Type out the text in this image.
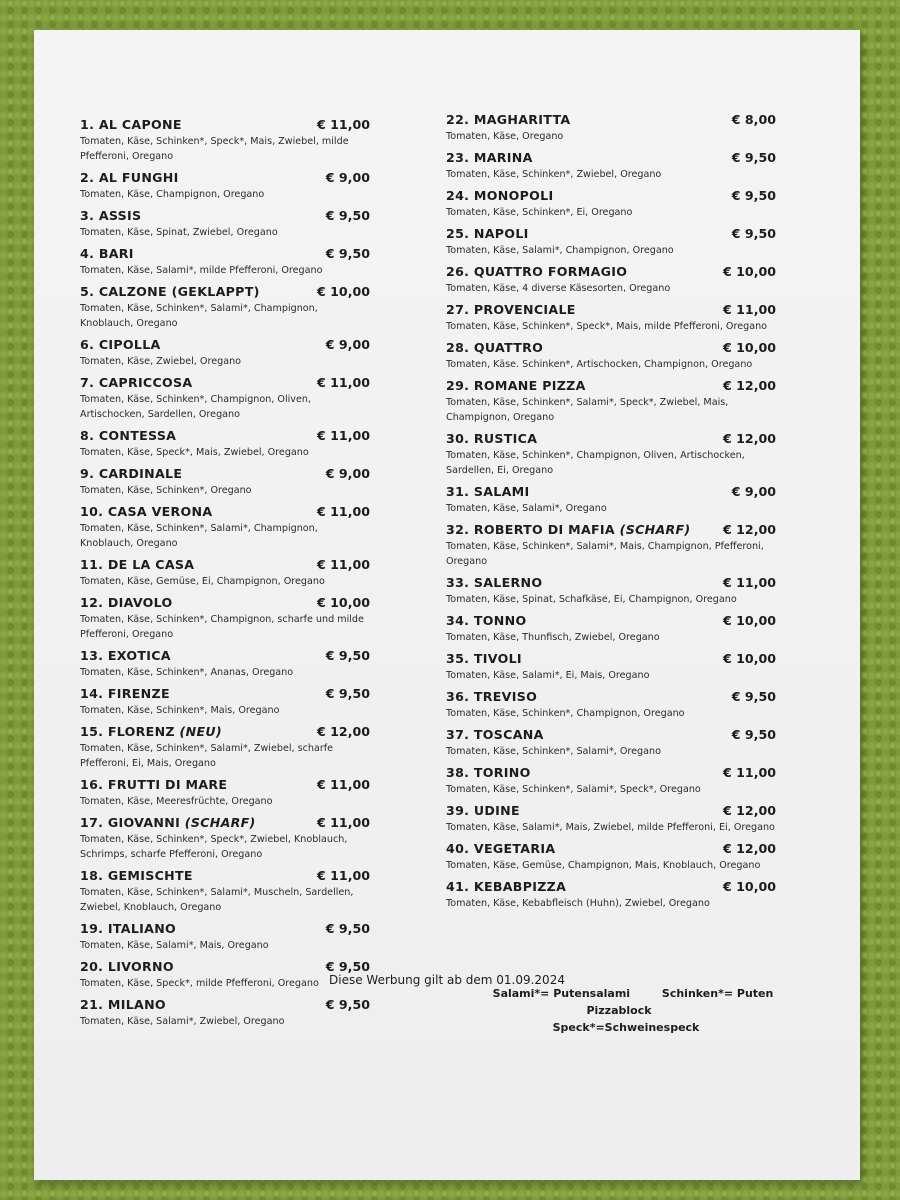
1. AL CAPONE	€ 11,00
Tomaten, Käse, Schinken*, Speck*, Mais, Zwiebel, milde Pfefferoni, Oregano
2. AL FUNGHI	€ 9,00
Tomaten, Käse, Champignon, Oregano
3. ASSIS	€ 9,50
Tomaten, Käse, Spinat, Zwiebel, Oregano
4. BARI	€ 9,50
Tomaten, Käse, Salami*, milde Pfefferoni, Oregano
5. CALZONE (GEKLAPPT)	€ 10,00
Tomaten, Käse, Schinken*, Salami*, Champignon, Knoblauch, Oregano
6. CIPOLLA	€ 9,00
Tomaten, Käse, Zwiebel, Oregano
7. CAPRICCOSA	€ 11,00
Tomaten, Käse, Schinken*, Champignon, Oliven, Artischocken, Sardellen, Oregano
8. CONTESSA	€ 11,00
Tomaten, Käse, Speck*, Mais, Zwiebel, Oregano
9. CARDINALE	€ 9,00
Tomaten, Käse, Schinken*, Oregano
10. CASA VERONA	€ 11,00
Tomaten, Käse, Schinken*, Salami*, Champignon, Knoblauch, Oregano
11. DE LA CASA	€ 11,00
Tomaten, Käse, Gemüse, Ei, Champignon, Oregano
12. DIAVOLO	€ 10,00
Tomaten, Käse, Schinken*, Champignon, scharfe und milde Pfefferoni, Oregano
13. EXOTICA	€ 9,50
Tomaten, Käse, Schinken*, Ananas, Oregano
14. FIRENZE	€ 9,50
Tomaten, Käse, Schinken*, Mais, Oregano
15. FLORENZ (NEU)	€ 12,00
Tomaten, Käse, Schinken*, Salami*, Zwiebel, scharfe Pfefferoni, Ei, Mais, Oregano
16. FRUTTI DI MARE	€ 11,00
Tomaten, Käse, Meeresfrüchte, Oregano
17. GIOVANNI (SCHARF)	€ 11,00
Tomaten, Käse, Schinken*, Speck*, Zwiebel, Knoblauch, Schrimps, scharfe Pfefferoni, Oregano
18. GEMISCHTE	€ 11,00
Tomaten, Käse, Schinken*, Salami*, Muscheln, Sardellen, Zwiebel, Knoblauch, Oregano
19. ITALIANO	€ 9,50
Tomaten, Käse, Salami*, Mais, Oregano
20. LIVORNO	€ 9,50
Tomaten, Käse, Speck*, milde Pfefferoni, Oregano
21. MILANO	€ 9,50
Tomaten, Käse, Salami*, Zwiebel, Oregano
22. MAGHARITTA	€ 8,00
Tomaten, Käse, Oregano
23. MARINA	€ 9,50
Tomaten, Käse, Schinken*, Zwiebel, Oregano
24. MONOPOLI	€ 9,50
Tomaten, Käse, Schinken*, Ei, Oregano
25. NAPOLI	€ 9,50
Tomaten, Käse, Salami*, Champignon, Oregano
26. QUATTRO FORMAGIO	€ 10,00
Tomaten, Käse, 4 diverse Käsesorten, Oregano
27. PROVENCIALE	€ 11,00
Tomaten, Käse, Schinken*, Speck*, Mais, milde Pfefferoni, Oregano
28. QUATTRO	€ 10,00
Tomaten, Käse. Schinken*, Artischocken, Champignon, Oregano
29. ROMANE PIZZA	€ 12,00
Tomaten, Käse, Schinken*, Salami*, Speck*, Zwiebel, Mais, Champignon, Oregano
30. RUSTICA	€ 12,00
Tomaten, Käse, Schinken*, Champignon, Oliven, Artischocken, Sardellen, Ei, Oregano
31. SALAMI	€ 9,00
Tomaten, Käse, Salami*, Oregano
32. ROBERTO DI MAFIA (SCHARF)	€ 12,00
Tomaten, Käse, Schinken*, Salami*, Mais, Champignon, Pfefferoni, Oregano
33. SALERNO	€ 11,00
Tomaten, Käse, Spinat, Schafkäse, Ei, Champignon, Oregano
34. TONNO	€ 10,00
Tomaten, Käse, Thunfisch, Zwiebel, Oregano
35. TIVOLI	€ 10,00
Tomaten, Käse, Salami*, Ei, Mais, Oregano
36. TREVISO	€ 9,50
Tomaten, Käse, Schinken*, Champignon, Oregano
37. TOSCANA	€ 9,50
Tomaten, Käse, Schinken*, Salami*, Oregano
38. TORINO	€ 11,00
Tomaten, Käse, Schinken*, Salami*, Speck*, Oregano
39. UDINE	€ 12,00
Tomaten, Käse, Salami*, Mais, Zwiebel, milde Pfefferoni, Ei, Oregano
40. VEGETARIA	€ 12,00
Tomaten, Käse, Gemüse, Champignon, Mais, Knoblauch, Oregano
41. KEBABPIZZA	€ 10,00
Tomaten, Käse, Kebabfleisch (Huhn), Zwiebel, Oregano
Salami*= Putensalami	Schinken*= Puten Pizzablock
Speck*=Schweinespeck
Diese Werbung gilt ab dem 01.09.2024
